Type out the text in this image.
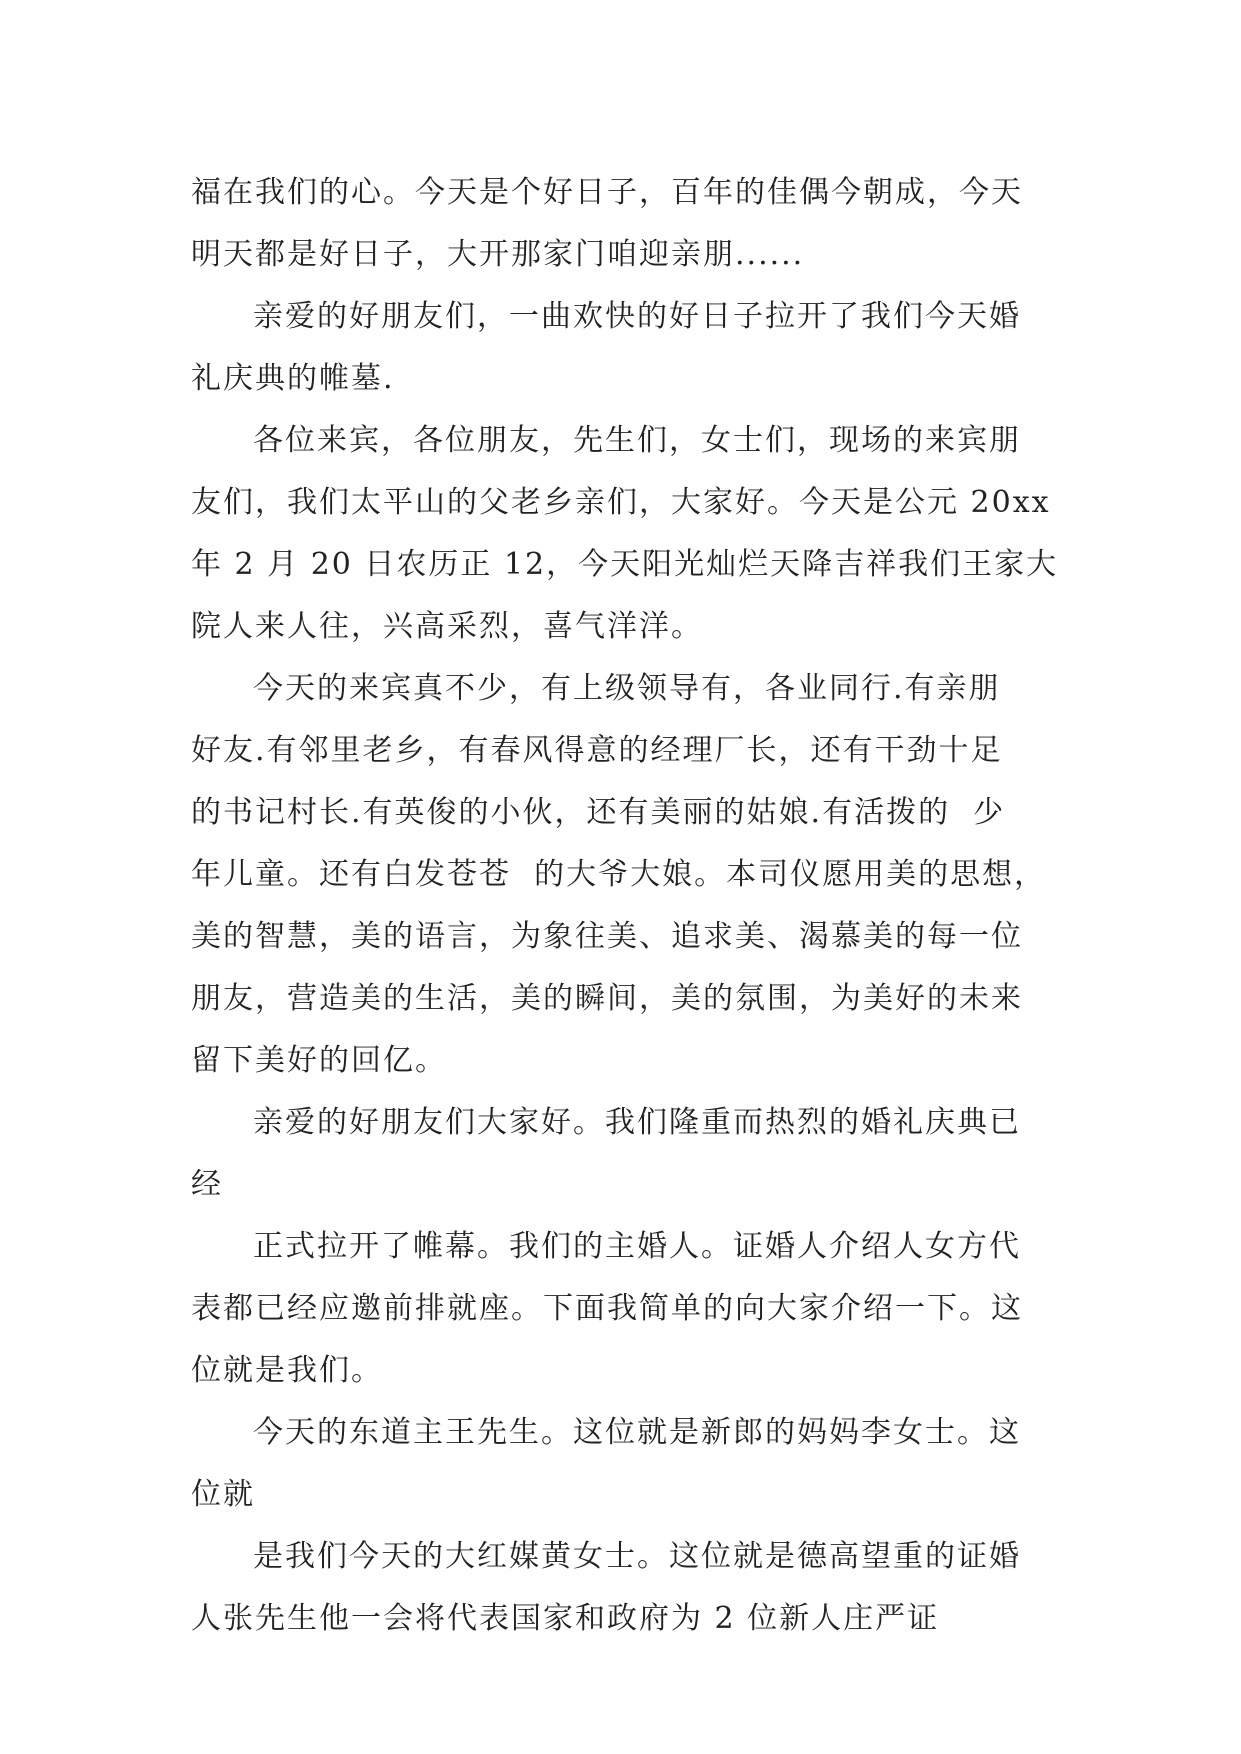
福在我们的心。今天是个好日子，百年的佳偶今朝成，今天
明天都是好日子，大开那家门咱迎亲朋......
亲爱的好朋友们，一曲欢快的好日子拉开了我们今天婚
礼庆典的帷墓.
各位来宾，各位朋友，先生们，女士们，现场的来宾朋
友们，我们太平山的父老乡亲们，大家好。今天是公元 20xx
年 2 月 20 日农历正 12，今天阳光灿烂天降吉祥我们王家大
院人来人往，兴高采烈，喜气洋洋。
今天的来宾真不少，有上级领导有，各业同行.有亲朋
好友.有邻里老乡，有春风得意的经理厂长，还有干劲十足
的书记村长.有英俊的小伙，还有美丽的姑娘.有活拨的  少
年儿童。还有白发苍苍  的大爷大娘。本司仪愿用美的思想，
美的智慧，美的语言，为象往美、追求美、渴慕美的每一位
朋友，营造美的生活，美的瞬间，美的氛围，为美好的未来
留下美好的回亿。
亲爱的好朋友们大家好。我们隆重而热烈的婚礼庆典已
经
正式拉开了帷幕。我们的主婚人。证婚人介绍人女方代
表都已经应邀前排就座。下面我简单的向大家介绍一下。这
位就是我们。
今天的东道主王先生。这位就是新郎的妈妈李女士。这
位就
是我们今天的大红媒黄女士。这位就是德高望重的证婚
人张先生他一会将代表国家和政府为 2 位新人庄严证
